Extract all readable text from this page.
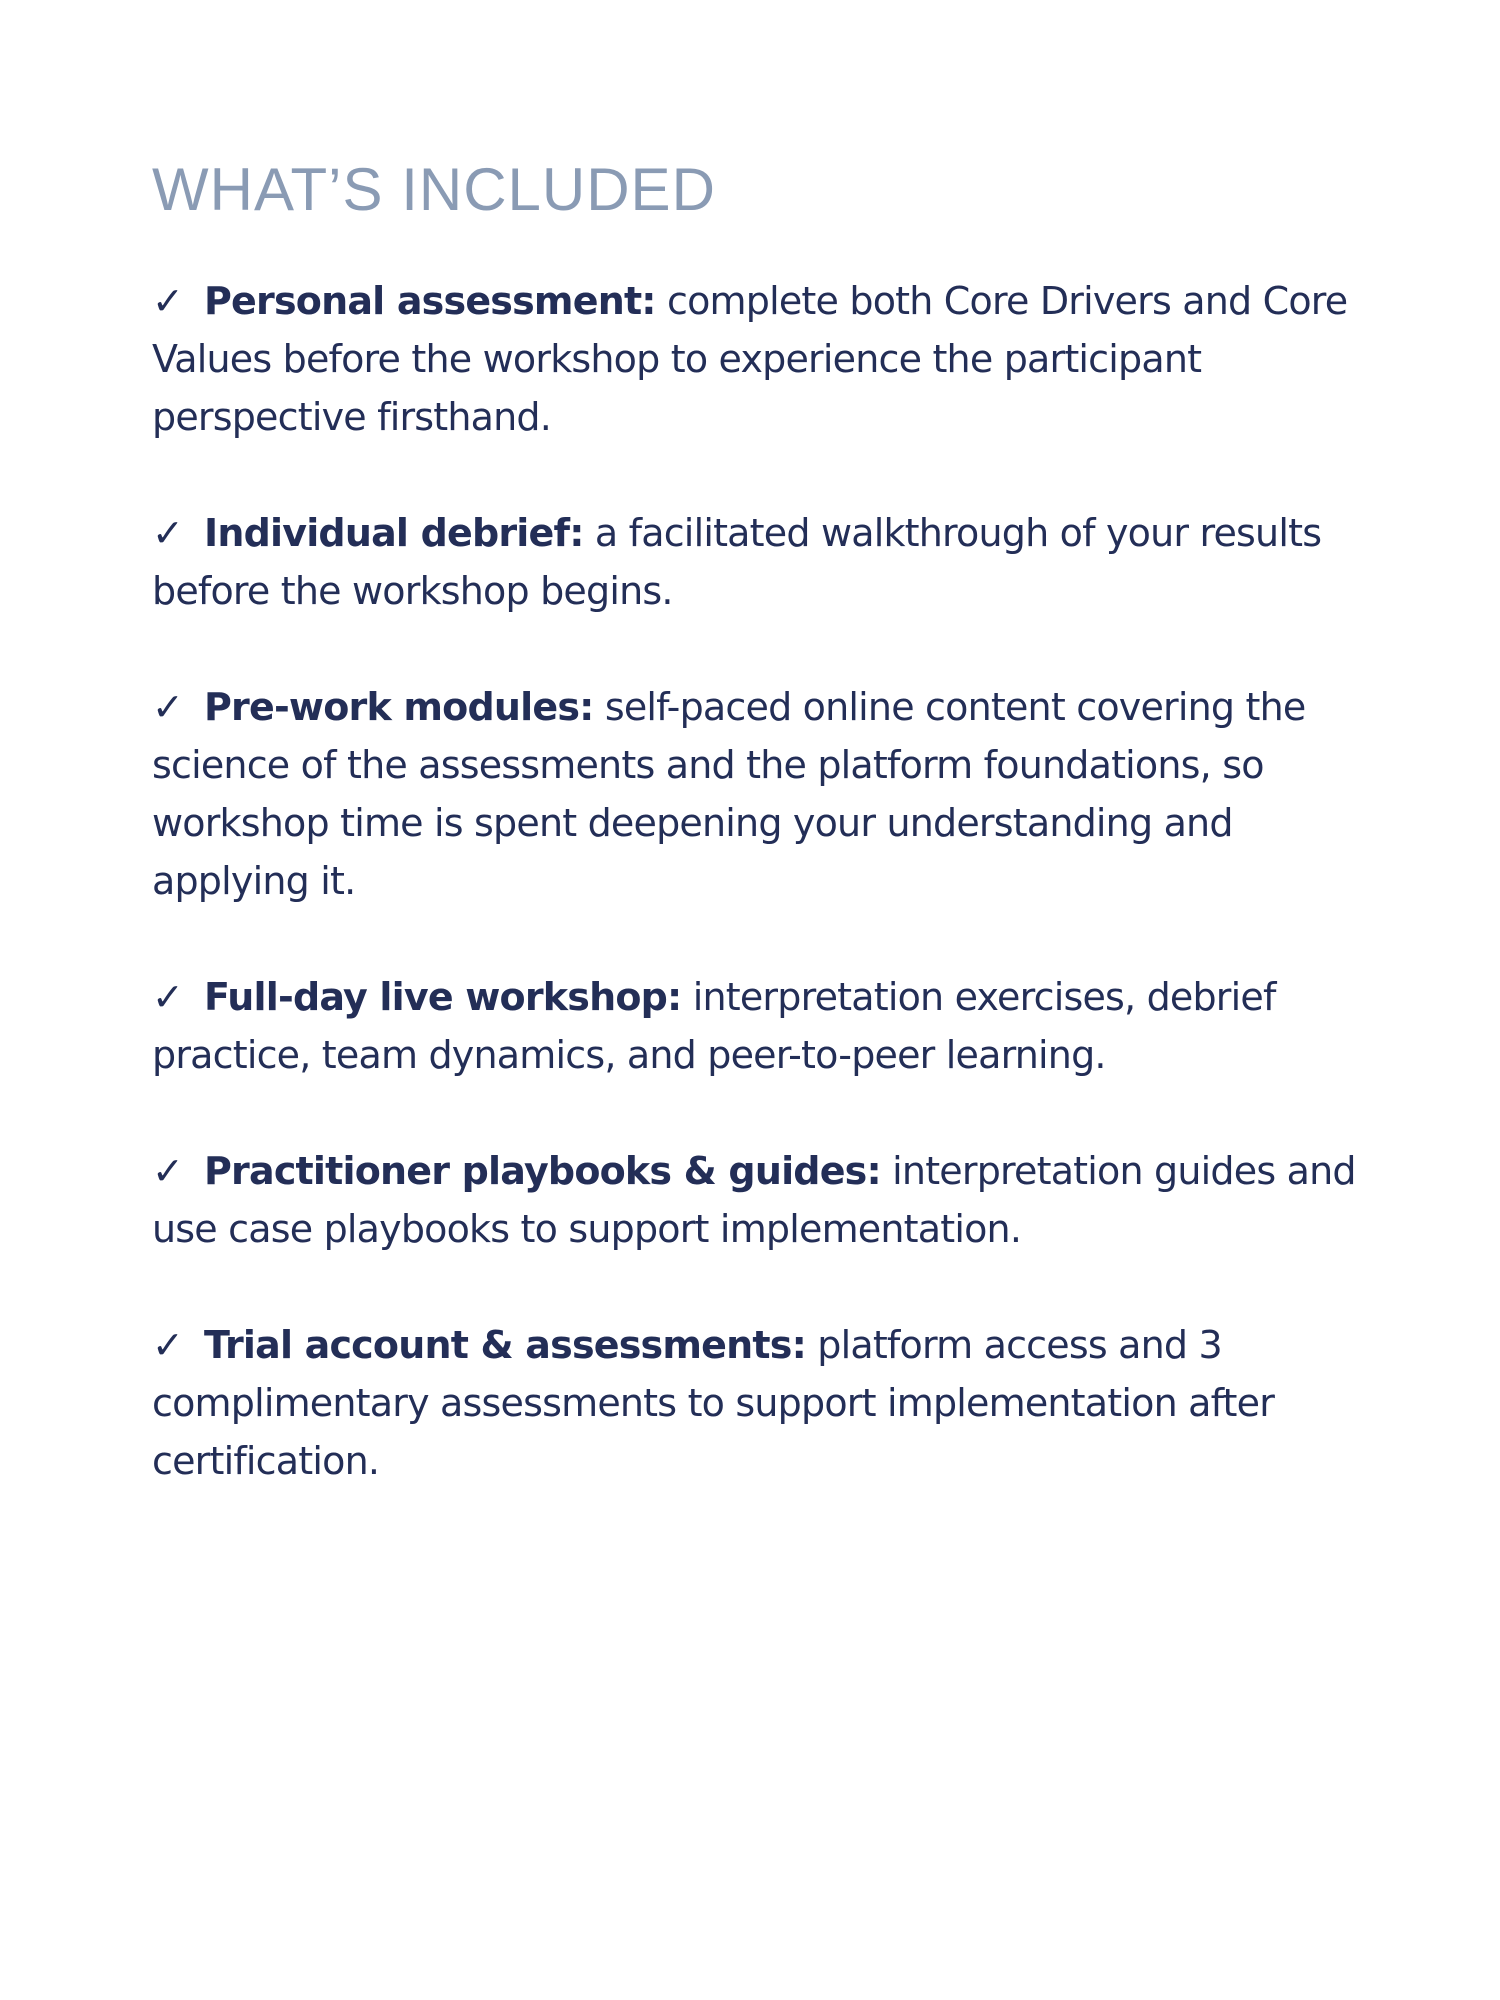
WHAT’S INCLUDED
✓ Personal assessment: complete both Core Drivers and Core Values before the workshop to experience the participant perspective firsthand.
✓ Individual debrief: a facilitated walkthrough of your results before the workshop begins.
✓ Pre-work modules: self-paced online content covering the science of the assessments and the platform foundations, so workshop time is spent deepening your understanding and applying it.
✓ Full-day live workshop: interpretation exercises, debrief practice, team dynamics, and peer-to-peer learning.
✓ Practitioner playbooks & guides: interpretation guides and use case playbooks to support implementation.
✓ Trial account & assessments: platform access and 3 complimentary assessments to support implementation after certification.
